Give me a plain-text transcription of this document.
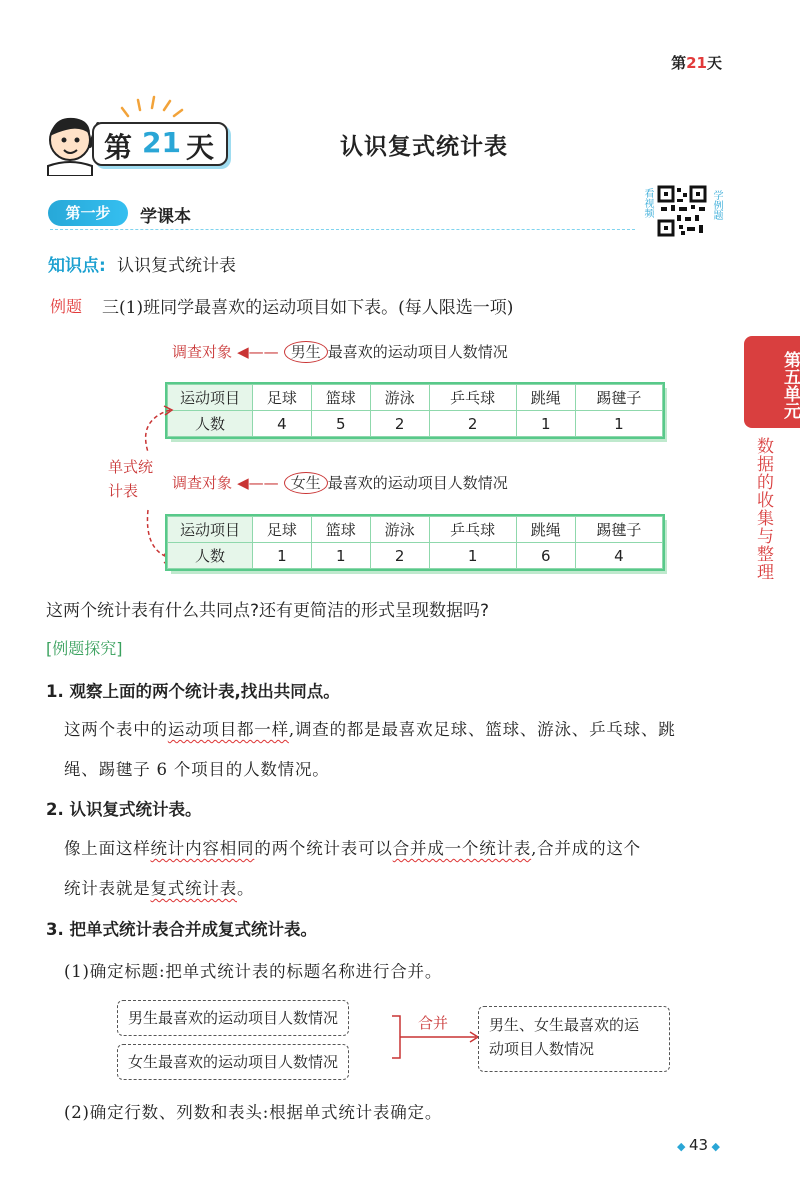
第21天
第 21 天	认识复式统计表
第一步	学课本	看视频	学例题
知识点: 认识复式统计表
例题 三(1)班同学最喜欢的运动项目如下表。(每人限选一项)
调查对象 ◀—— 男生 最喜欢的运动项目人数情况
运动项目	足球	篮球	游泳	乒乓球	跳绳	踢毽子
人数	4	5	2	2	1	1
单式统计表	调查对象 ◀—— 女生 最喜欢的运动项目人数情况
运动项目	足球	篮球	游泳	乒乓球	跳绳	踢毽子
人数	1	1	2	1	6	4
这两个统计表有什么共同点?还有更简洁的形式呈现数据吗?
[例题探究]
1. 观察上面的两个统计表,找出共同点。
这两个表中的运动项目都一样,调查的都是最喜欢足球、篮球、游泳、乒乓球、跳
绳、踢毽子 6 个项目的人数情况。
2. 认识复式统计表。
像上面这样统计内容相同的两个统计表可以合并成一个统计表,合并成的这个
统计表就是复式统计表。
3. 把单式统计表合并成复式统计表。
(1)确定标题:把单式统计表的标题名称进行合并。
男生最喜欢的运动项目人数情况
女生最喜欢的运动项目人数情况
合并	男生、女生最喜欢的运
动项目人数情况
(2)确定行数、列数和表头:根据单式统计表确定。
第五单元
数据的收集与整理
◆ 43 ◆
